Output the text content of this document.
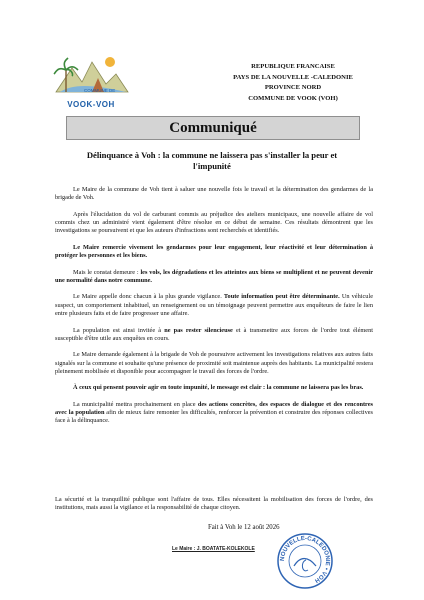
COMMUNE DE
VOOK-VOH
REPUBLIQUE FRANCAISE
PAYS DE LA NOUVELLE -CALEDONIE
PROVINCE NORD
COMMUNE DE VOOK (VOH)
Communiqué
Délinquance à Voh : la commune ne laissera pas s'installer la peur et l'impunité

Le Maire de la commune de Voh tient à saluer une nouvelle fois le travail et la détermination des gendarmes de la brigade de Voh.

Après l'élucidation du vol de carburant commis au préjudice des ateliers municipaux, une nouvelle affaire de vol commis chez un administré vient également d'être résolue en ce début de semaine. Ces résultats démontrent que les investigations se poursuivent et que les auteurs d'infractions sont recherchés et identifiés.

Le Maire remercie vivement les gendarmes pour leur engagement, leur réactivité et leur détermination à protéger les personnes et les biens.

Mais le constat demeure : les vols, les dégradations et les atteintes aux biens se multiplient et ne peuvent devenir une normalité dans notre commune.

Le Maire appelle donc chacun à la plus grande vigilance. Toute information peut être déterminante. Un véhicule suspect, un comportement inhabituel, un renseignement ou un témoignage peuvent permettre aux enquêteurs de faire le lien entre plusieurs faits et de faire progresser une affaire.

La population est ainsi invitée à ne pas rester silencieuse et à transmettre aux forces de l'ordre tout élément susceptible d'être utile aux enquêtes en cours.

Le Maire demande également à la brigade de Voh de poursuivre activement les investigations relatives aux autres faits signalés sur la commune et souhaite qu'une présence de proximité soit maintenue auprès des habitants. La municipalité restera pleinement mobilisée et disponible pour accompagner le travail des forces de l'ordre.

À ceux qui pensent pouvoir agir en toute impunité, le message est clair : la commune ne laissera pas les bras.

La municipalité mettra prochainement en place des actions concrètes, des espaces de dialogue et des rencontres avec la population afin de mieux faire remonter les difficultés, renforcer la prévention et construire des réponses collectives face à la délinquance.

La sécurité et la tranquillité publique sont l'affaire de tous. Elles nécessitent la mobilisation des forces de l'ordre, des institutions, mais aussi la vigilance et la responsabilité de chaque citoyen.
Fait à Voh le 12 août 2026
Le Maire : J. BOATATE-KOLEKOLE
NOUVELLE-CALEDONIE • VOH
